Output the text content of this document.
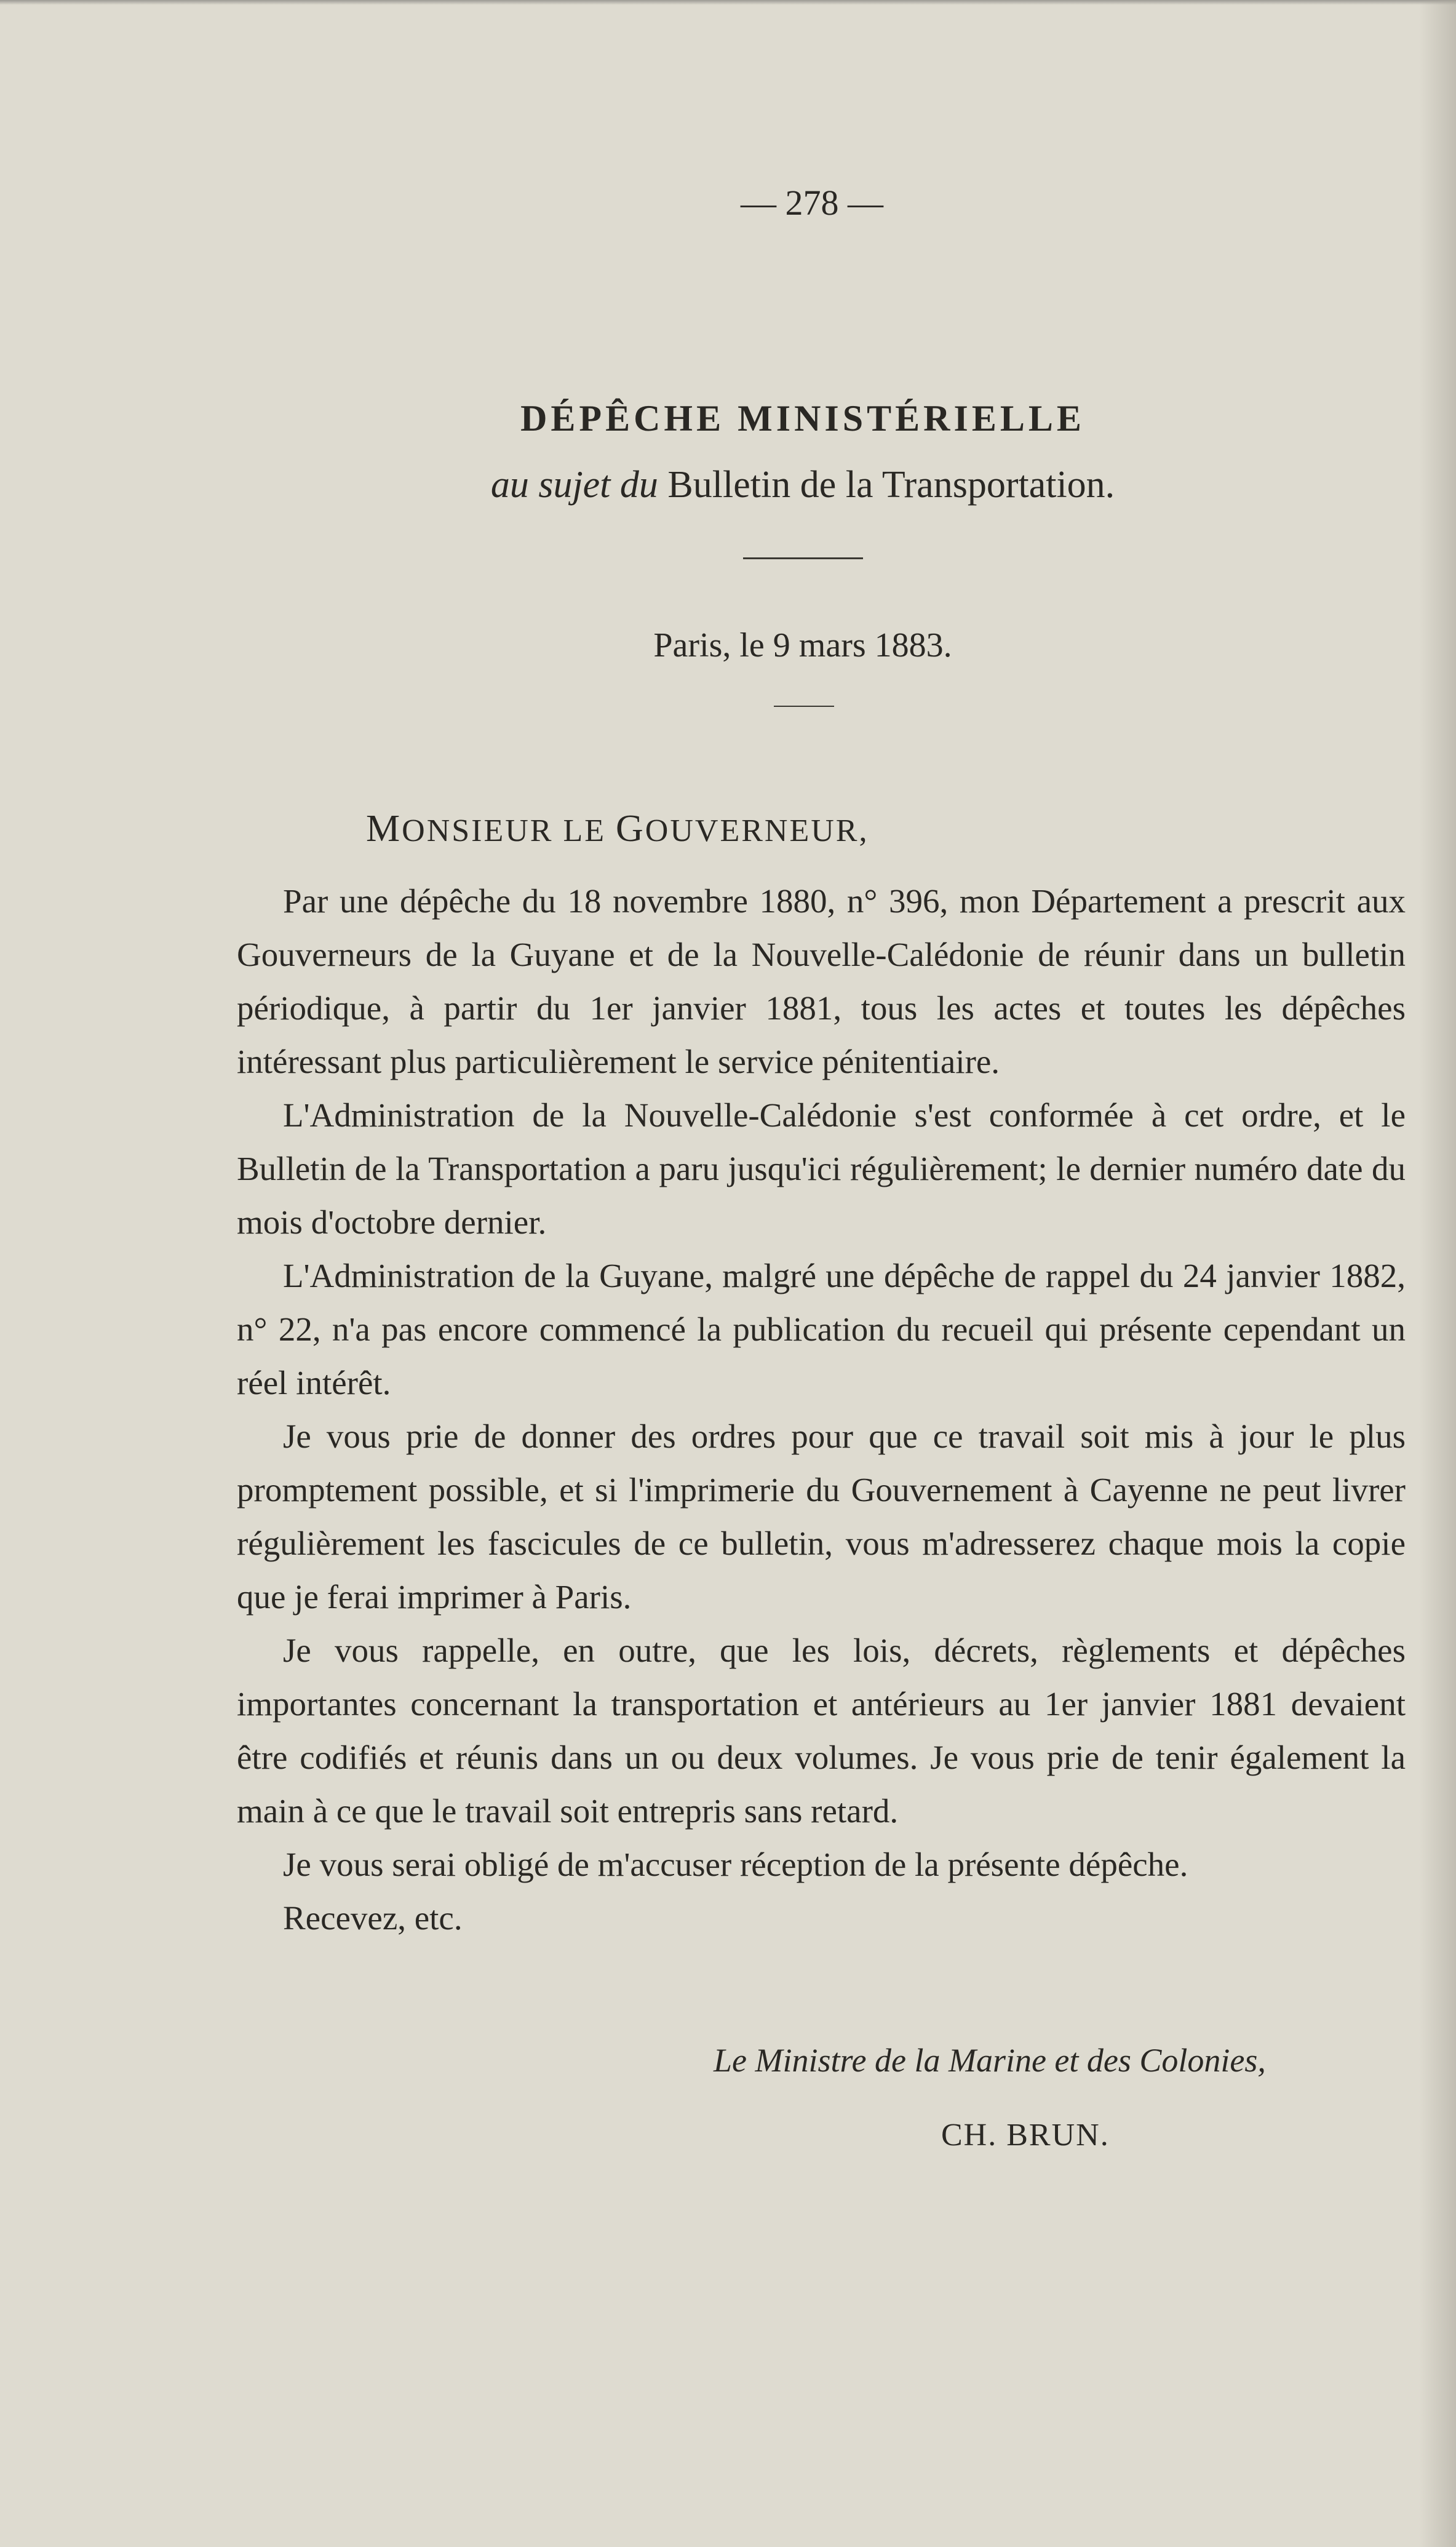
— 278 —
DÉPÊCHE MINISTÉRIELLE
au sujet du Bulletin de la Transportation.
Paris, le 9 mars 1883.
MONSIEUR LE GOUVERNEUR,

Par une dépêche du 18 novembre 1880, n° 396, mon Département a prescrit aux Gouverneurs de la Guyane et de la Nouvelle-Calédonie de réunir dans un bulletin périodique, à partir du 1er janvier 1881, tous les actes et toutes les dépêches intéressant plus particulièrement le service pénitentiaire.

L'Administration de la Nouvelle-Calédonie s'est conformée à cet ordre, et le Bulletin de la Transportation a paru jusqu'ici régulièrement; le dernier numéro date du mois d'octobre dernier.

L'Administration de la Guyane, malgré une dépêche de rappel du 24 janvier 1882, n° 22, n'a pas encore commencé la publication du recueil qui présente cependant un réel intérêt.

Je vous prie de donner des ordres pour que ce travail soit mis à jour le plus promptement possible, et si l'imprimerie du Gouvernement à Cayenne ne peut livrer régulièrement les fascicules de ce bulletin, vous m'adresserez chaque mois la copie que je ferai imprimer à Paris.

Je vous rappelle, en outre, que les lois, décrets, règlements et dépêches importantes concernant la transportation et antérieurs au 1er janvier 1881 devaient être codifiés et réunis dans un ou deux volumes. Je vous prie de tenir également la main à ce que le travail soit entrepris sans retard.

Je vous serai obligé de m'accuser réception de la présente dépêche.

Recevez, etc.

Le Ministre de la Marine et des Colonies,
CH. BRUN.
